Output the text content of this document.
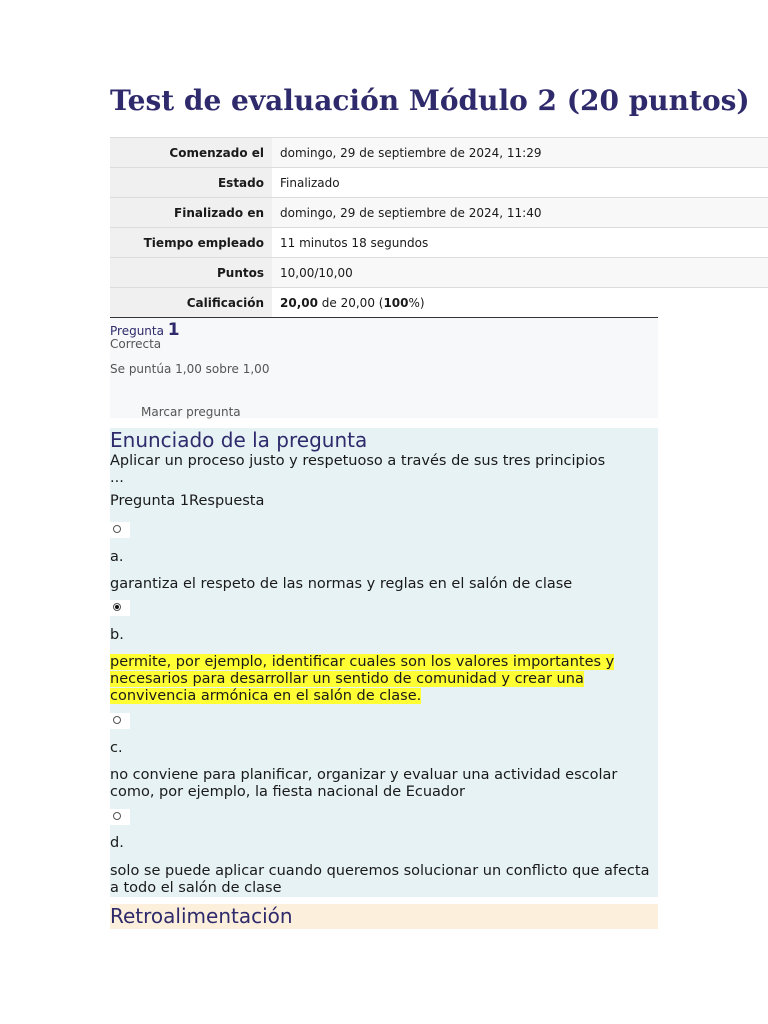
Test de evaluación Módulo 2 (20 puntos)
Comenzado el	domingo, 29 de septiembre de 2024, 11:29
Estado	Finalizado
Finalizado en	domingo, 29 de septiembre de 2024, 11:40
Tiempo empleado	11 minutos 18 segundos
Puntos	10,00/10,00
Calificación	20,00 de 20,00 (100%)
Pregunta 1
Correcta
Se puntúa 1,00 sobre 1,00
Marcar pregunta
Enunciado de la pregunta

Aplicar un proceso justo y respetuoso a través de sus tres principios ...

Pregunta 1Respuesta
a.

garantiza el respeto de las normas y reglas en el salón de clase

b.

permite, por ejemplo, identificar cuales son los valores importantes y necesarios para desarrollar un sentido de comunidad y crear una convivencia armónica en el salón de clase.

c.

no conviene para planificar, organizar y evaluar una actividad escolar como, por ejemplo, la fiesta nacional de Ecuador

d.

solo se puede aplicar cuando queremos solucionar un conflicto que afecta a todo el salón de clase

Retroalimentación
